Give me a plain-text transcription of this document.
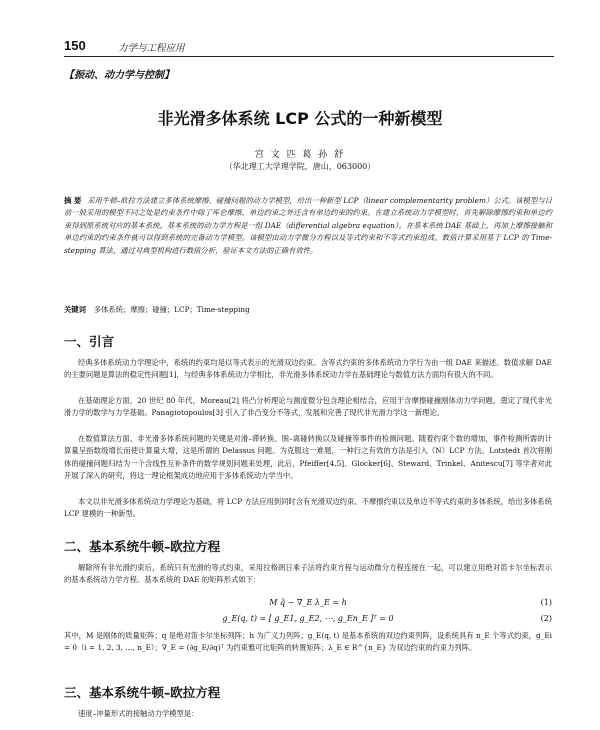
150	力学与工程应用
【振动、动力学与控制】
非光滑多体系统 LCP 公式的一种新模型
宫 文 匹 葛 孙 舒
（华北理工大学理学院，唐山，063000）
摘 要 采用牛顿–欧拉方法建立多体系统摩擦、碰撞问题的动力学模型，给出一种新型 LCP（linear complementarity problem）公式。该模型与目前一般采用的模型不同之处是约束条件中除了库仑摩擦、单边约束之外还含有单边约束的约束。在建立系统动力学模型时，首先解除摩擦约束和单边约束得到原系统对应的基本系统。基本系统的动力学方程是一组 DAE（differential algebra equation）。在基本系统 DAE 基础上，再加上摩擦接触和单边约束的约束条件就可以得到系统的完备动力学模型。该模型由动力学微分方程以及等式约束和不等式约束组成。数值计算采用基于 LCP 的 Time-stepping 算法，通过对典型机构进行数值分析，验证本文方法的正确有效性。
关键词 多体系统；摩擦；碰撞；LCP；Time-stepping
一、引言
经典多体系统动力学理论中，系统的约束均是以等式表示的光滑双边约束。含等式约束的多体系统动力学行为由一组 DAE 来描述。数值求解 DAE 的主要问题是算法的稳定性问题[1]，与经典多体系统动力学相比，非光滑多体系统动力学在基础理论与数值方法方面均有很大的不同。
在基础理论方面，20 世纪 80 年代，Moreau[2] 将凸分析理论与测度微分包含理论相结合，应用于含摩擦碰撞刚体动力学问题，奠定了现代非光滑力学的数学与力学基础。Panagiotopoulos[3] 引入了非凸变分不等式，发展和完善了现代非光滑力学这一新理论。
在数值算法方面，非光滑多体系统问题的关键是对滑–滞转换、脱–离碰转换以及碰撞等事件的检测问题。随着约束个数的增加，事件检测所需的计算量呈指数级增长而使计算量大增，这是所谓的 Delassus 问题。为克服这一难题，一种行之有效的方法是引入（N）LCP 方法。Lotstedt 首次将刚体的碰撞问题归结为一个含线性互补条件的数学规划问题来处理，此后，Pfeiffer[4,5]、Glocker[6]、Steward、Trinkel、Anitescu[7] 等学者对此开展了深入的研究，将这一理论框架成功地应用于多体系统动力学当中。
本文以非光滑多体系统动力学理论为基础，将 LCP 方法应用到同时含有光滑双边约束、不摩擦约束以及单边不等式约束的多体系统，给出多体系统 LCP 建模的一种新型。
二、基本系统牛顿–欧拉方程
解除所有非光滑约束后，系统只有光滑的等式约束，采用拉格朗日乘子法将约束方程与运动微分方程连接在一起，可以建立用绝对笛卡尔坐标表示的基本系统动力学方程。基本系统的 DAE 的矩阵形式如下：
M q̈ − ∇_E λ_E = h	(1)
g_E(q, t) = [ g_E1, g_E2, ⋯, g_En_E ]ᵀ = 0	(2)
其中，M 是刚体的质量矩阵；q 是绝对笛卡尔坐标列阵；h 为广义力列阵；g_E(q, t) 是基本系统的双边约束列阵，设系统具有 n_E 个等式约束，g_Ei = 0（i = 1, 2, 3, …, n_E）；∇_E = (∂g_E/∂q)ᵀ 为约束雅可比矩阵的转置矩阵；λ_E ∈ R^{n_E} 为双边约束的约束力列阵。
三、基本系统牛顿–欧拉方程
速度–冲量形式的接触动力学模型是：
